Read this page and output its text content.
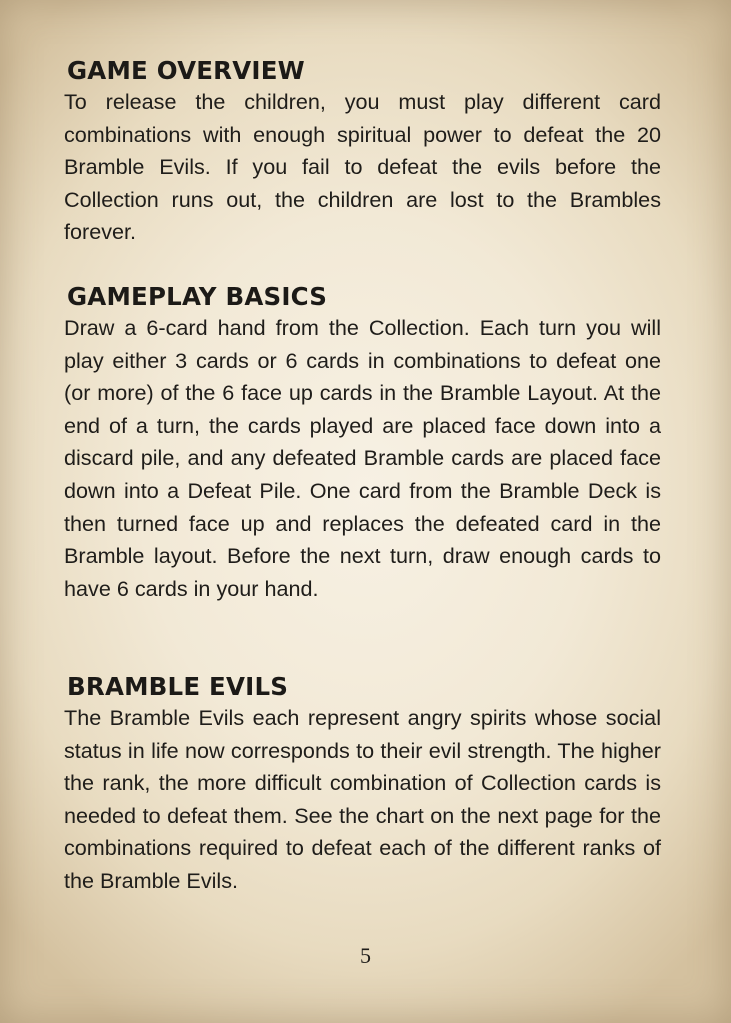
GAME OVERVIEW

To release the children, you must play different card combinations with enough spiritual power to defeat the 20 Bramble Evils. If you fail to defeat the evils before the Collection runs out, the children are lost to the Brambles forever.

GAMEPLAY BASICS

Draw a 6-card hand from the Collection. Each turn you will play either 3 cards or 6 cards in combinations to defeat one (or more) of the 6 face up cards in the Bramble Layout. At the end of a turn, the cards played are placed face down into a discard pile, and any defeated Bramble cards are placed face down into a Defeat Pile. One card from the Bramble Deck is then turned face up and replaces the defeated card in the Bramble layout. Before the next turn, draw enough cards to have 6 cards in your hand.

BRAMBLE EVILS

The Bramble Evils each represent angry spirits whose social status in life now corresponds to their evil strength. The higher the rank, the more difficult combination of Collection cards is needed to defeat them. See the chart on the next page for the combinations required to defeat each of the different ranks of the Bramble Evils.

5
